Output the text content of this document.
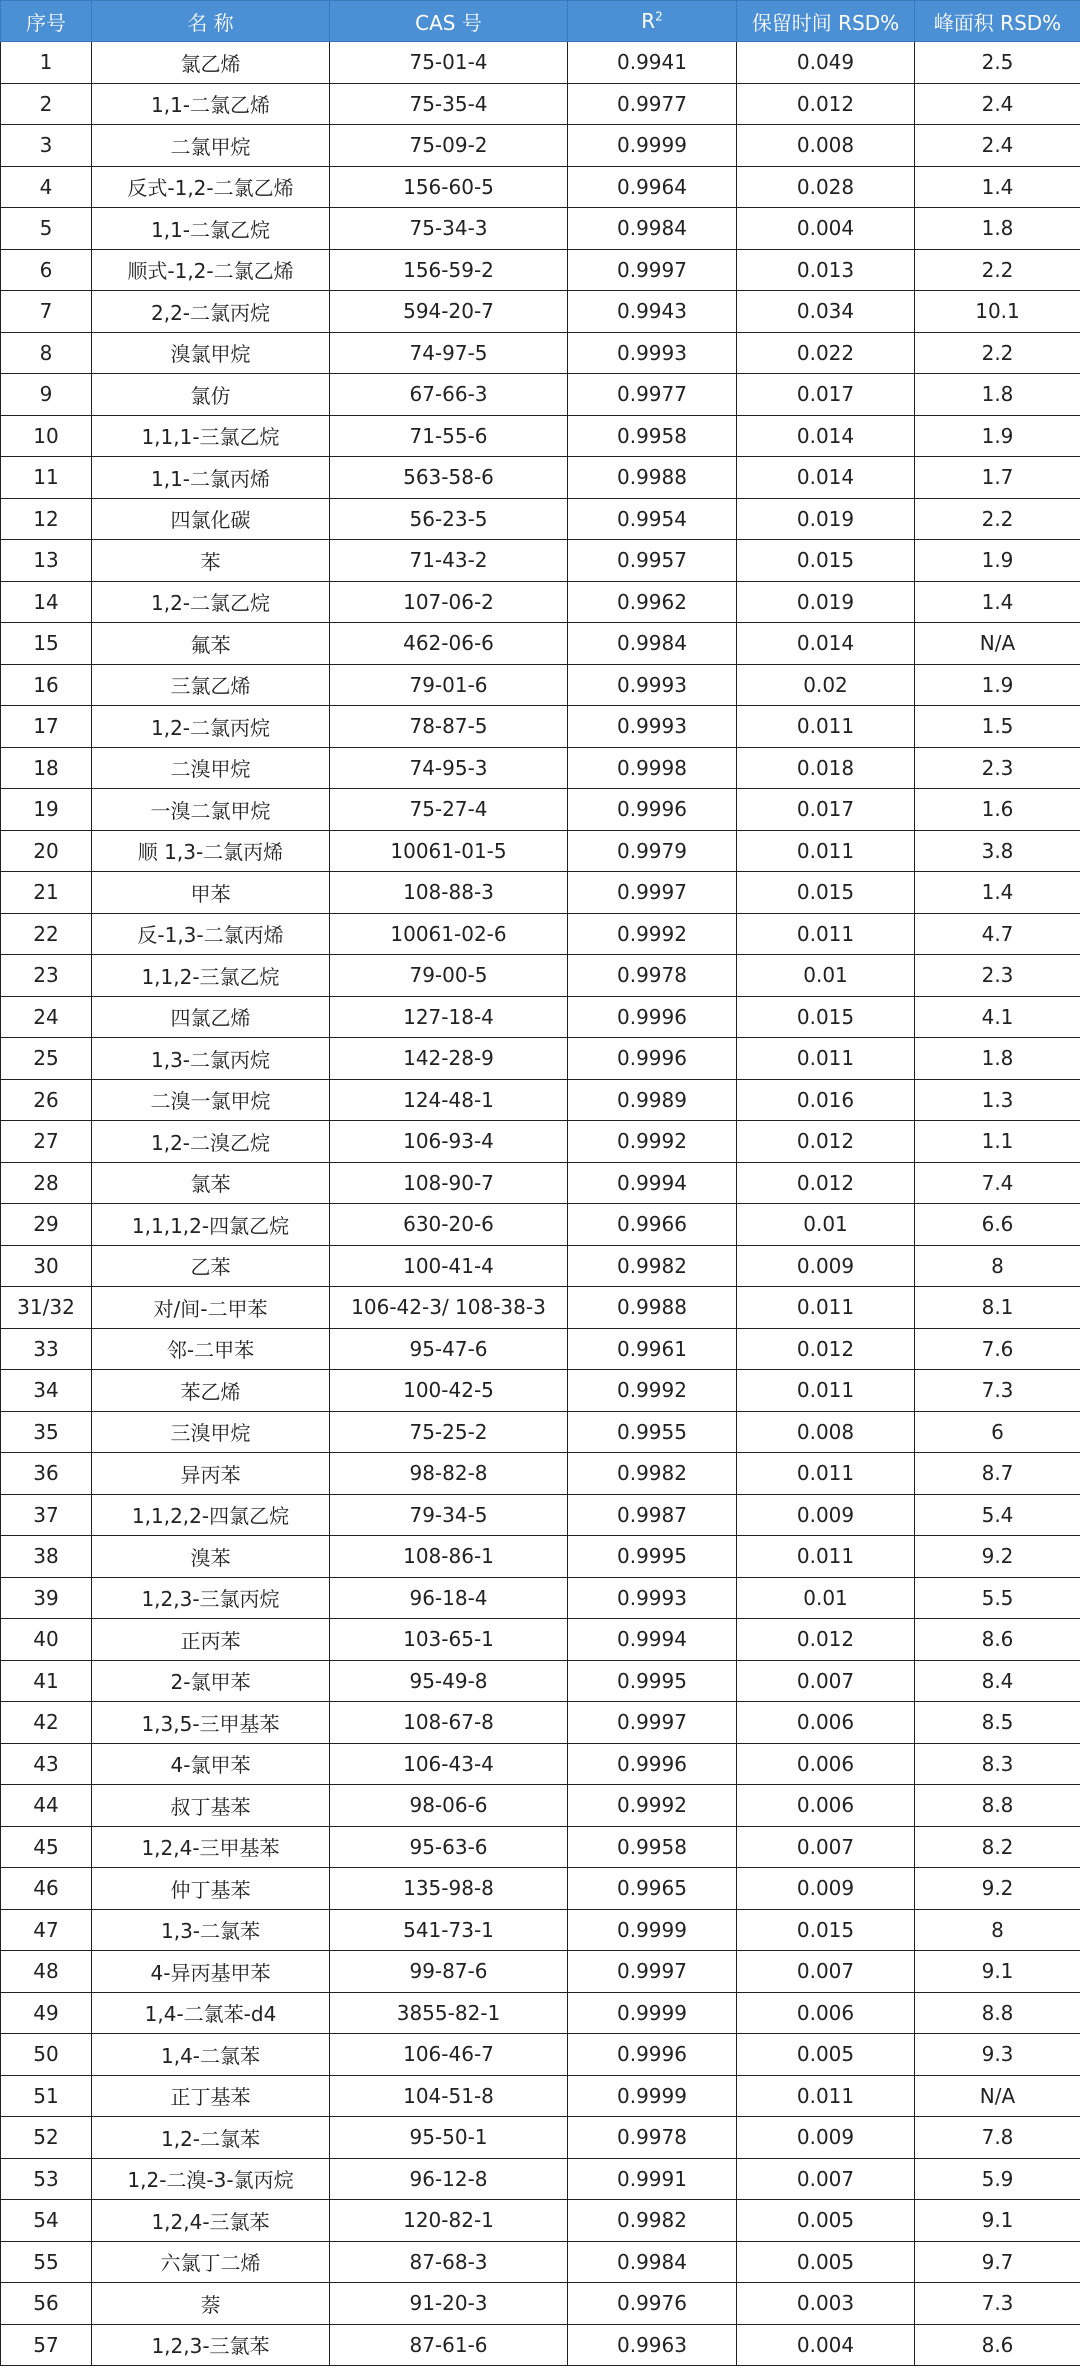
序号	名 称	CAS 号	$R^2$	保留时间 RSD%	峰面积 RSD%
1	氯乙烯	75-01-4	0.9941	0.049	2.5
2	1,1-二氯乙烯	75-35-4	0.9977	0.012	2.4
3	二氯甲烷	75-09-2	0.9999	0.008	2.4
4	反式-1,2-二氯乙烯	156-60-5	0.9964	0.028	1.4
5	1,1-二氯乙烷	75-34-3	0.9984	0.004	1.8
6	顺式-1,2-二氯乙烯	156-59-2	0.9997	0.013	2.2
7	2,2-二氯丙烷	594-20-7	0.9943	0.034	10.1
8	溴氯甲烷	74-97-5	0.9993	0.022	2.2
9	氯仿	67-66-3	0.9977	0.017	1.8
10	1,1,1-三氯乙烷	71-55-6	0.9958	0.014	1.9
11	1,1-二氯丙烯	563-58-6	0.9988	0.014	1.7
12	四氯化碳	56-23-5	0.9954	0.019	2.2
13	苯	71-43-2	0.9957	0.015	1.9
14	1,2-二氯乙烷	107-06-2	0.9962	0.019	1.4
15	氟苯	462-06-6	0.9984	0.014	N/A
16	三氯乙烯	79-01-6	0.9993	0.02	1.9
17	1,2-二氯丙烷	78-87-5	0.9993	0.011	1.5
18	二溴甲烷	74-95-3	0.9998	0.018	2.3
19	一溴二氯甲烷	75-27-4	0.9996	0.017	1.6
20	顺 1,3-二氯丙烯	10061-01-5	0.9979	0.011	3.8
21	甲苯	108-88-3	0.9997	0.015	1.4
22	反-1,3-二氯丙烯	10061-02-6	0.9992	0.011	4.7
23	1,1,2-三氯乙烷	79-00-5	0.9978	0.01	2.3
24	四氯乙烯	127-18-4	0.9996	0.015	4.1
25	1,3-二氯丙烷	142-28-9	0.9996	0.011	1.8
26	二溴一氯甲烷	124-48-1	0.9989	0.016	1.3
27	1,2-二溴乙烷	106-93-4	0.9992	0.012	1.1
28	氯苯	108-90-7	0.9994	0.012	7.4
29	1,1,1,2-四氯乙烷	630-20-6	0.9966	0.01	6.6
30	乙苯	100-41-4	0.9982	0.009	8
31/32	对/间-二甲苯	106-42-3/ 108-38-3	0.9988	0.011	8.1
33	邻-二甲苯	95-47-6	0.9961	0.012	7.6
34	苯乙烯	100-42-5	0.9992	0.011	7.3
35	三溴甲烷	75-25-2	0.9955	0.008	6
36	异丙苯	98-82-8	0.9982	0.011	8.7
37	1,1,2,2-四氯乙烷	79-34-5	0.9987	0.009	5.4
38	溴苯	108-86-1	0.9995	0.011	9.2
39	1,2,3-三氯丙烷	96-18-4	0.9993	0.01	5.5
40	正丙苯	103-65-1	0.9994	0.012	8.6
41	2-氯甲苯	95-49-8	0.9995	0.007	8.4
42	1,3,5-三甲基苯	108-67-8	0.9997	0.006	8.5
43	4-氯甲苯	106-43-4	0.9996	0.006	8.3
44	叔丁基苯	98-06-6	0.9992	0.006	8.8
45	1,2,4-三甲基苯	95-63-6	0.9958	0.007	8.2
46	仲丁基苯	135-98-8	0.9965	0.009	9.2
47	1,3-二氯苯	541-73-1	0.9999	0.015	8
48	4-异丙基甲苯	99-87-6	0.9997	0.007	9.1
49	1,4-二氯苯-d4	3855-82-1	0.9999	0.006	8.8
50	1,4-二氯苯	106-46-7	0.9996	0.005	9.3
51	正丁基苯	104-51-8	0.9999	0.011	N/A
52	1,2-二氯苯	95-50-1	0.9978	0.009	7.8
53	1,2-二溴-3-氯丙烷	96-12-8	0.9991	0.007	5.9
54	1,2,4-三氯苯	120-82-1	0.9982	0.005	9.1
55	六氯丁二烯	87-68-3	0.9984	0.005	9.7
56	萘	91-20-3	0.9976	0.003	7.3
57	1,2,3-三氯苯	87-61-6	0.9963	0.004	8.6
